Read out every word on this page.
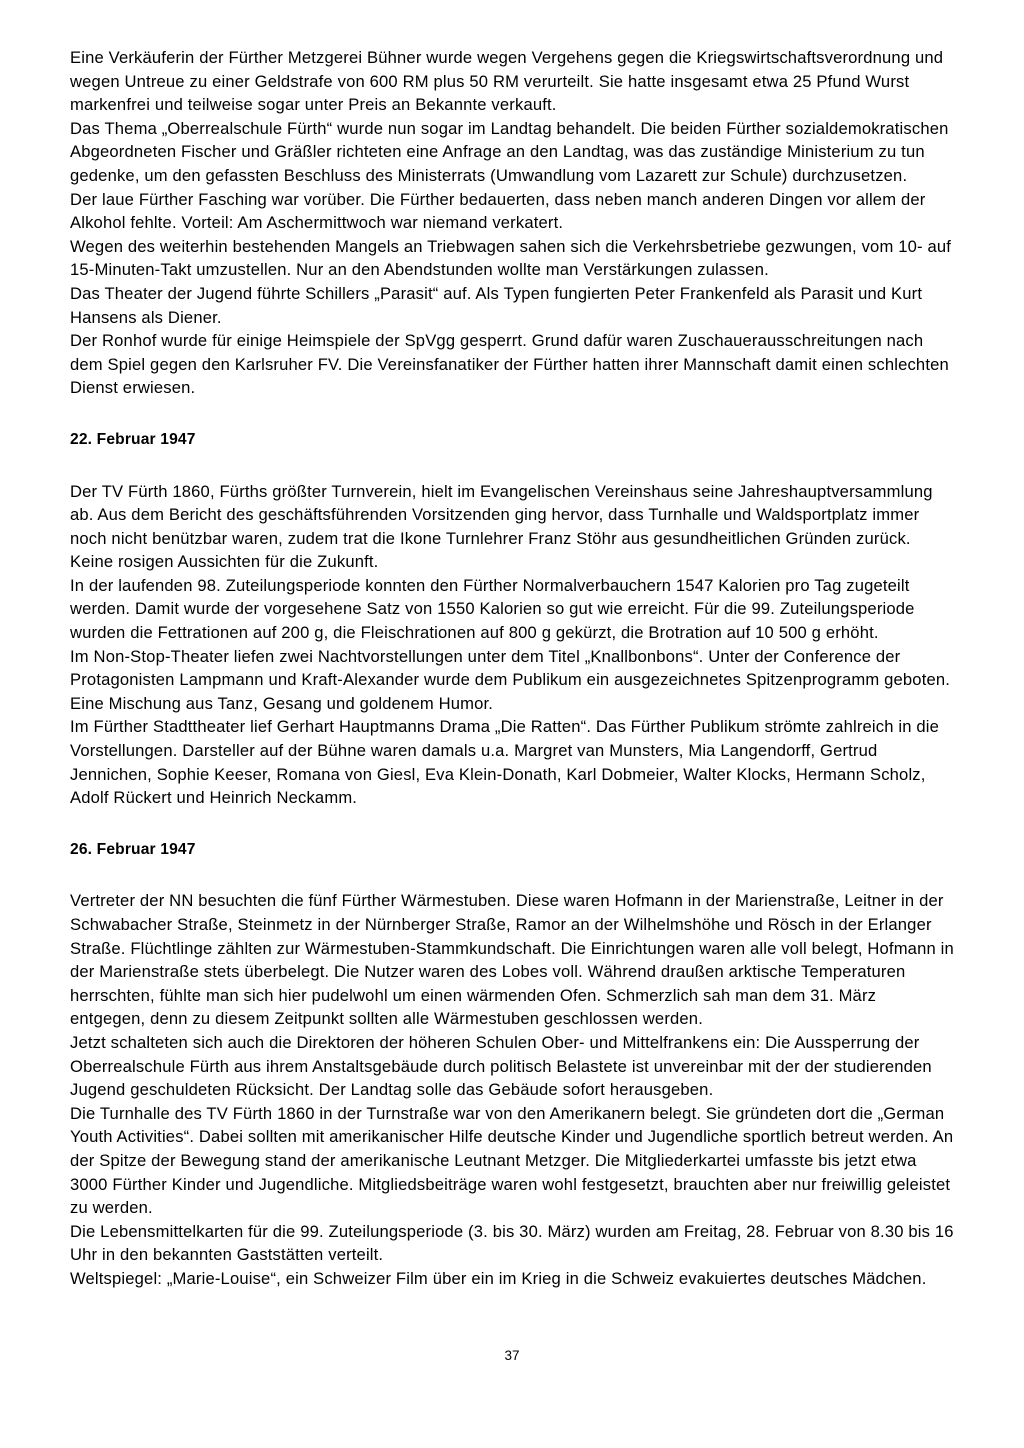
Eine Verkäuferin der Fürther Metzgerei Bühner wurde wegen Vergehens gegen die Kriegswirtschaftsverordnung und wegen Untreue zu einer Geldstrafe von 600 RM plus 50 RM verurteilt. Sie hatte insgesamt etwa 25 Pfund Wurst markenfrei und teilweise sogar unter Preis an Bekannte verkauft.

Das Thema „Oberrealschule Fürth“ wurde nun sogar im Landtag behandelt. Die beiden Fürther sozialdemokratischen Abgeordneten Fischer und Gräßler richteten eine Anfrage an den Landtag, was das zuständige Ministerium zu tun gedenke, um den gefassten Beschluss des Ministerrats (Umwandlung vom Lazarett zur Schule) durchzusetzen.

Der laue Fürther Fasching war vorüber. Die Fürther bedauerten, dass neben manch anderen Dingen vor allem der Alkohol fehlte. Vorteil: Am Aschermittwoch war niemand verkatert.

Wegen des weiterhin bestehenden Mangels an Triebwagen sahen sich die Verkehrsbetriebe gezwungen, vom 10- auf 15-Minuten-Takt umzustellen. Nur an den Abendstunden wollte man Verstärkungen zulassen.

Das Theater der Jugend führte Schillers „Parasit“ auf. Als Typen fungierten Peter Frankenfeld als Parasit und Kurt Hansens als Diener.

Der Ronhof wurde für einige Heimspiele der SpVgg gesperrt. Grund dafür waren Zuschauerausschreitungen nach dem Spiel gegen den Karlsruher FV. Die Vereinsfanatiker der Fürther hatten ihrer Mannschaft damit einen schlechten Dienst erwiesen.

22. Februar 1947

Der TV Fürth 1860, Fürths größter Turnverein, hielt im Evangelischen Vereinshaus seine Jahreshauptversammlung ab. Aus dem Bericht des geschäftsführenden Vorsitzenden ging hervor, dass Turnhalle und Waldsportplatz immer noch nicht benützbar waren, zudem trat die Ikone Turnlehrer Franz Stöhr aus gesundheitlichen Gründen zurück. Keine rosigen Aussichten für die Zukunft.

In der laufenden 98. Zuteilungsperiode konnten den Fürther Normalverbauchern 1547 Kalorien pro Tag zugeteilt werden. Damit wurde der vorgesehene Satz von 1550 Kalorien so gut wie erreicht. Für die 99. Zuteilungsperiode wurden die Fettrationen auf 200 g, die Fleischrationen auf 800 g gekürzt, die Brotration auf 10 500 g erhöht.

Im Non-Stop-Theater liefen zwei Nachtvorstellungen unter dem Titel „Knallbonbons“. Unter der Conference der Protagonisten Lampmann und Kraft-Alexander wurde dem Publikum ein ausgezeichnetes Spitzenprogramm geboten. Eine Mischung aus Tanz, Gesang und goldenem Humor.

Im Fürther Stadttheater lief Gerhart Hauptmanns Drama „Die Ratten“. Das Fürther Publikum strömte zahlreich in die Vorstellungen. Darsteller auf der Bühne waren damals u.a. Margret van Munsters, Mia Langendorff, Gertrud Jennichen, Sophie Keeser, Romana von Giesl, Eva Klein-Donath, Karl Dobmeier, Walter Klocks, Hermann Scholz, Adolf Rückert und Heinrich Neckamm.

26. Februar 1947

Vertreter der NN besuchten die fünf Fürther Wärmestuben. Diese waren Hofmann in der Marienstraße, Leitner in der Schwabacher Straße, Steinmetz in der Nürnberger Straße, Ramor an der Wilhelmshöhe und Rösch in der Erlanger Straße. Flüchtlinge zählten zur Wärmestuben-Stammkundschaft. Die Einrichtungen waren alle voll belegt, Hofmann in der Marienstraße stets überbelegt. Die Nutzer waren des Lobes voll. Während draußen arktische Temperaturen herrschten, fühlte man sich hier pudelwohl um einen wärmenden Ofen. Schmerzlich sah man dem 31. März entgegen, denn zu diesem Zeitpunkt sollten alle Wärmestuben geschlossen werden.

Jetzt schalteten sich auch die Direktoren der höheren Schulen Ober- und Mittelfrankens ein: Die Aussperrung der Oberrealschule Fürth aus ihrem Anstaltsgebäude durch politisch Belastete ist unvereinbar mit der der studierenden Jugend geschuldeten Rücksicht. Der Landtag solle das Gebäude sofort herausgeben.

Die Turnhalle des TV Fürth 1860 in der Turnstraße war von den Amerikanern belegt. Sie gründeten dort die „German Youth Activities“. Dabei sollten mit amerikanischer Hilfe deutsche Kinder und Jugendliche sportlich betreut werden. An der Spitze der Bewegung stand der amerikanische Leutnant Metzger. Die Mitgliederkartei umfasste bis jetzt etwa 3000 Fürther Kinder und Jugendliche. Mitgliedsbeiträge waren wohl festgesetzt, brauchten aber nur freiwillig geleistet zu werden.

Die Lebensmittelkarten für die 99. Zuteilungsperiode (3. bis 30. März) wurden am Freitag, 28. Februar von 8.30 bis 16 Uhr in den bekannten Gaststätten verteilt.

Weltspiegel: „Marie-Louise“, ein Schweizer Film über ein im Krieg in die Schweiz evakuiertes deutsches Mädchen.

37
